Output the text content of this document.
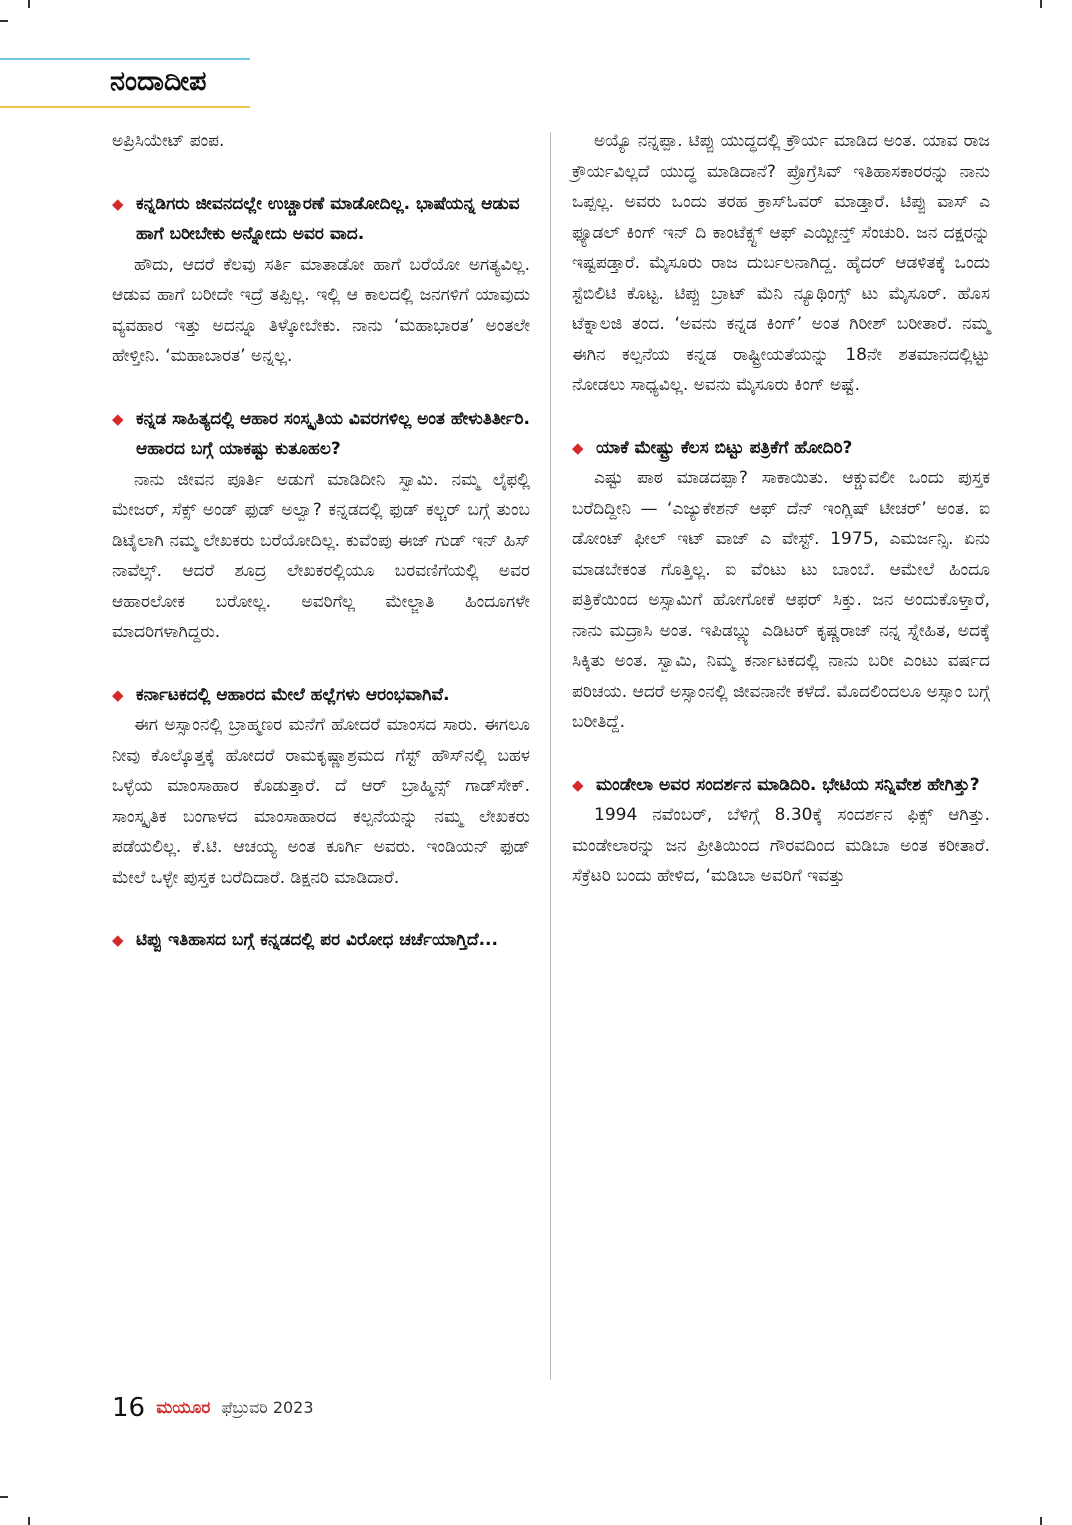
ನಂದಾದೀಪ

ಅಪ್ರಿಸಿಯೇಟ್ ಪಂಪ.

◆ ಕನ್ನಡಿಗರು ಜೀವನದಲ್ಲೇ ಉಚ್ಚಾರಣೆ ಮಾಡೋದಿಲ್ಲ. ಭಾಷೆಯನ್ನ ಆಡುವ ಹಾಗೆ ಬರೀಬೇಕು ಅನ್ನೋದು ಅವರ ವಾದ.

ಹೌದು, ಆದರೆ ಕೆಲವು ಸರ್ತಿ ಮಾತಾಡೋ ಹಾಗೆ ಬರೆಯೋ ಅಗತ್ಯವಿಲ್ಲ. ಆಡುವ ಹಾಗೆ ಬರೀದೇ ಇದ್ರೆ ತಪ್ಪಿಲ್ಲ. ಇಲ್ಲಿ ಆ ಕಾಲದಲ್ಲಿ ಜನಗಳಿಗೆ ಯಾವುದು ವ್ಯವಹಾರ ಇತ್ತು ಅದನ್ನೂ ತಿಳ್ಕೋಬೇಕು. ನಾನು ‘ಮಹಾಭಾರತ’ ಅಂತಲೇ ಹೇಳ್ತೀನಿ. ‘ಮಹಾಬಾರತ’ ಅನ್ನಲ್ಲ.

◆ ಕನ್ನಡ ಸಾಹಿತ್ಯದಲ್ಲಿ ಆಹಾರ ಸಂಸ್ಕೃತಿಯ ವಿವರಗಳಿಲ್ಲ ಅಂತ ಹೇಳುತಿರ್ತೀರಿ. ಆಹಾರದ ಬಗ್ಗೆ ಯಾಕಷ್ಟು ಕುತೂಹಲ?

ನಾನು ಜೀವನ ಪೂರ್ತಿ ಅಡುಗೆ ಮಾಡಿದೀನಿ ಸ್ವಾಮಿ. ನಮ್ಮ ಲೈಫಲ್ಲಿ ಮೇಜರ್, ಸೆಕ್ಸ್ ಅಂಡ್ ಫುಡ್ ಅಲ್ವಾ? ಕನ್ನಡದಲ್ಲಿ ಫುಡ್ ಕಲ್ಚರ್ ಬಗ್ಗೆ ತುಂಬ ಡಿಟೈಲಾಗಿ ನಮ್ಮ ಲೇಖಕರು ಬರೆಯೋದಿಲ್ಲ. ಕುವೆಂಪು ಈಜ್ ಗುಡ್ ಇನ್ ಹಿಸ್ ನಾವೆಲ್ಸ್. ಆದರೆ ಶೂದ್ರ ಲೇಖಕರಲ್ಲಿಯೂ ಬರವಣಿಗೆಯಲ್ಲಿ ಅವರ ಆಹಾರಲೋಕ ಬರೋಲ್ಲ. ಅವರಿಗೆಲ್ಲ ಮೇಲ್ಜಾತಿ ಹಿಂದೂಗಳೇ ಮಾದರಿಗಳಾಗಿದ್ದರು.

◆ ಕರ್ನಾಟಕದಲ್ಲಿ ಆಹಾರದ ಮೇಲೆ ಹಲ್ಲೆಗಳು ಆರಂಭವಾಗಿವೆ.

ಈಗ ಅಸ್ಸಾಂನಲ್ಲಿ ಬ್ರಾಹ್ಮಣರ ಮನೆಗೆ ಹೋದರೆ ಮಾಂಸದ ಸಾರು. ಈಗಲೂ ನೀವು ಕೊಲ್ಕೊತ್ತಕ್ಕೆ ಹೋದರೆ ರಾಮಕೃಷ್ಣಾಶ್ರಮದ ಗೆಸ್ಟ್ ಹೌಸ್‌ನಲ್ಲಿ ಬಹಳ ಒಳ್ಳೆಯ ಮಾಂಸಾಹಾರ ಕೊಡುತ್ತಾರೆ. ದೆ ಆರ್ ಬ್ರಾಹ್ಮಿನ್ಸ್ ಗಾಡ್‌ಸೇಕ್. ಸಾಂಸ್ಕೃತಿಕ ಬಂಗಾಳದ ಮಾಂಸಾಹಾರದ ಕಲ್ಪನೆಯನ್ನು ನಮ್ಮ ಲೇಖಕರು ಪಡೆಯಲಿಲ್ಲ. ಕೆ.ಟಿ. ಆಚಯ್ಯ ಅಂತ ಕೂರ್ಗಿ ಅವರು. ಇಂಡಿಯನ್ ಫುಡ್ ಮೇಲೆ ಒಳ್ಳೇ ಪುಸ್ತಕ ಬರೆದಿದಾರೆ. ಡಿಕ್ಷನರಿ ಮಾಡಿದಾರೆ.

◆ ಟಿಪ್ಪು ಇತಿಹಾಸದ ಬಗ್ಗೆ ಕನ್ನಡದಲ್ಲಿ ಪರ ವಿರೋಧ ಚರ್ಚೆಯಾಗ್ತಿದೆ...

ಅಯ್ಯೊ ನನ್ನಪ್ಪಾ. ಟಿಪ್ಪು ಯುದ್ಧದಲ್ಲಿ ಕ್ರೌರ್ಯ ಮಾಡಿದ ಅಂತ. ಯಾವ ರಾಜ ಕ್ರೌರ್ಯವಿಲ್ಲದೆ ಯುದ್ಧ ಮಾಡಿದಾನೆ? ಪ್ರೊಗ್ರೆಸಿವ್ ಇತಿಹಾಸಕಾರರನ್ನು ನಾನು ಒಪ್ಪಲ್ಲ. ಅವರು ಒಂದು ತರಹ ಕ್ರಾಸ್‌ಓವರ್ ಮಾಡ್ತಾರೆ. ಟಿಪ್ಪು ವಾಸ್ ಎ ಫ್ಯೂಡಲ್ ಕಿಂಗ್ ಇನ್ ದಿ ಕಾಂಟೆಕ್ಸ್ಟ್ ಆಫ್ ಎಯ್ಟೀನ್ತ್ ಸೆಂಚುರಿ. ಜನ ದಕ್ಷರನ್ನು ಇಷ್ಟಪಡ್ತಾರೆ. ಮೈಸೂರು ರಾಜ ದುರ್ಬಲನಾಗಿದ್ದ. ಹೈದರ್ ಆಡಳಿತಕ್ಕೆ ಒಂದು ಸ್ಟೆಬಿಲಿಟಿ ಕೊಟ್ಟ. ಟಿಪ್ಪು ಬ್ರಾಟ್ ಮೆನಿ ನ್ಯೂಥಿಂಗ್ಸ್ ಟು ಮೈಸೂರ್. ಹೊಸ ಟೆಕ್ನಾಲಜಿ ತಂದ. ‘ಅವನು ಕನ್ನಡ ಕಿಂಗ್’ ಅಂತ ಗಿರೀಶ್ ಬರೀತಾರೆ. ನಮ್ಮ ಈಗಿನ ಕಲ್ಪನೆಯ ಕನ್ನಡ ರಾಷ್ಟ್ರೀಯತೆಯನ್ನು 18ನೇ ಶತಮಾನದಲ್ಲಿಟ್ಟು ನೋಡಲು ಸಾಧ್ಯವಿಲ್ಲ. ಅವನು ಮೈಸೂರು ಕಿಂಗ್ ಅಷ್ಟೆ.

◆ ಯಾಕೆ ಮೇಷ್ಟ್ರು ಕೆಲಸ ಬಿಟ್ಟು ಪತ್ರಿಕೆಗೆ ಹೋದಿರಿ?

ಎಷ್ಟು ಪಾಠ ಮಾಡದಪ್ಪಾ? ಸಾಕಾಯಿತು. ಆಕ್ಚುವಲೀ ಒಂದು ಪುಸ್ತಕ ಬರೆದಿದ್ದೀನಿ — ‘ಎಜ್ಯುಕೇಶನ್ ಆಫ್ ದೆನ್ ಇಂಗ್ಲಿಷ್ ಟೀಚರ್’ ಅಂತ. ಐ ಡೋಂಟ್ ಫೀಲ್ ಇಟ್ ವಾಜ್ ಎ ವೇಸ್ಟ್. 1975, ಎಮರ್ಜನ್ಸಿ. ಏನು ಮಾಡಬೇಕಂತ ಗೊತ್ತಿಲ್ಲ. ಐ ವೆಂಟು ಟು ಬಾಂಬೆ. ಆಮೇಲೆ ಹಿಂದೂ ಪತ್ರಿಕೆಯಿಂದ ಅಸ್ಸಾಮಿಗೆ ಹೋಗೋಕೆ ಆಫರ್ ಸಿಕ್ತು. ಜನ ಅಂದುಕೊಳ್ತಾರೆ, ನಾನು ಮದ್ರಾಸಿ ಅಂತ. ಇಪಿಡಬ್ಲ್ಯು ಎಡಿಟರ್ ಕೃಷ್ಣರಾಜ್ ನನ್ನ ಸ್ನೇಹಿತ, ಅದಕ್ಕೆ ಸಿಕ್ಕಿತು ಅಂತ. ಸ್ವಾಮಿ, ನಿಮ್ಮ ಕರ್ನಾಟಕದಲ್ಲಿ ನಾನು ಬರೀ ಎಂಟು ವರ್ಷದ ಪರಿಚಯ. ಆದರೆ ಅಸ್ಸಾಂನಲ್ಲಿ ಜೀವನಾನೇ ಕಳೆದೆ. ಮೊದಲಿಂದಲೂ ಅಸ್ಸಾಂ ಬಗ್ಗೆ ಬರೀತಿದ್ದೆ.

◆ ಮಂಡೇಲಾ ಅವರ ಸಂದರ್ಶನ ಮಾಡಿದಿರಿ. ಭೇಟಿಯ ಸನ್ನಿವೇಶ ಹೇಗಿತ್ತು?

1994 ನವೆಂಬರ್, ಬೆಳಿಗ್ಗೆ 8.30ಕ್ಕೆ ಸಂದರ್ಶನ ಫಿಕ್ಸ್ ಆಗಿತ್ತು. ಮಂಡೇಲಾರನ್ನು ಜನ ಪ್ರೀತಿಯಿಂದ ಗೌರವದಿಂದ ಮಡಿಬಾ ಅಂತ ಕರೀತಾರೆ. ಸೆಕ್ರೆಟರಿ ಬಂದು ಹೇಳಿದ, ‘ಮಡಿಬಾ ಅವರಿಗೆ ಇವತ್ತು

16 ಮಯೂರ ಫೆಬ್ರುವರಿ 2023
